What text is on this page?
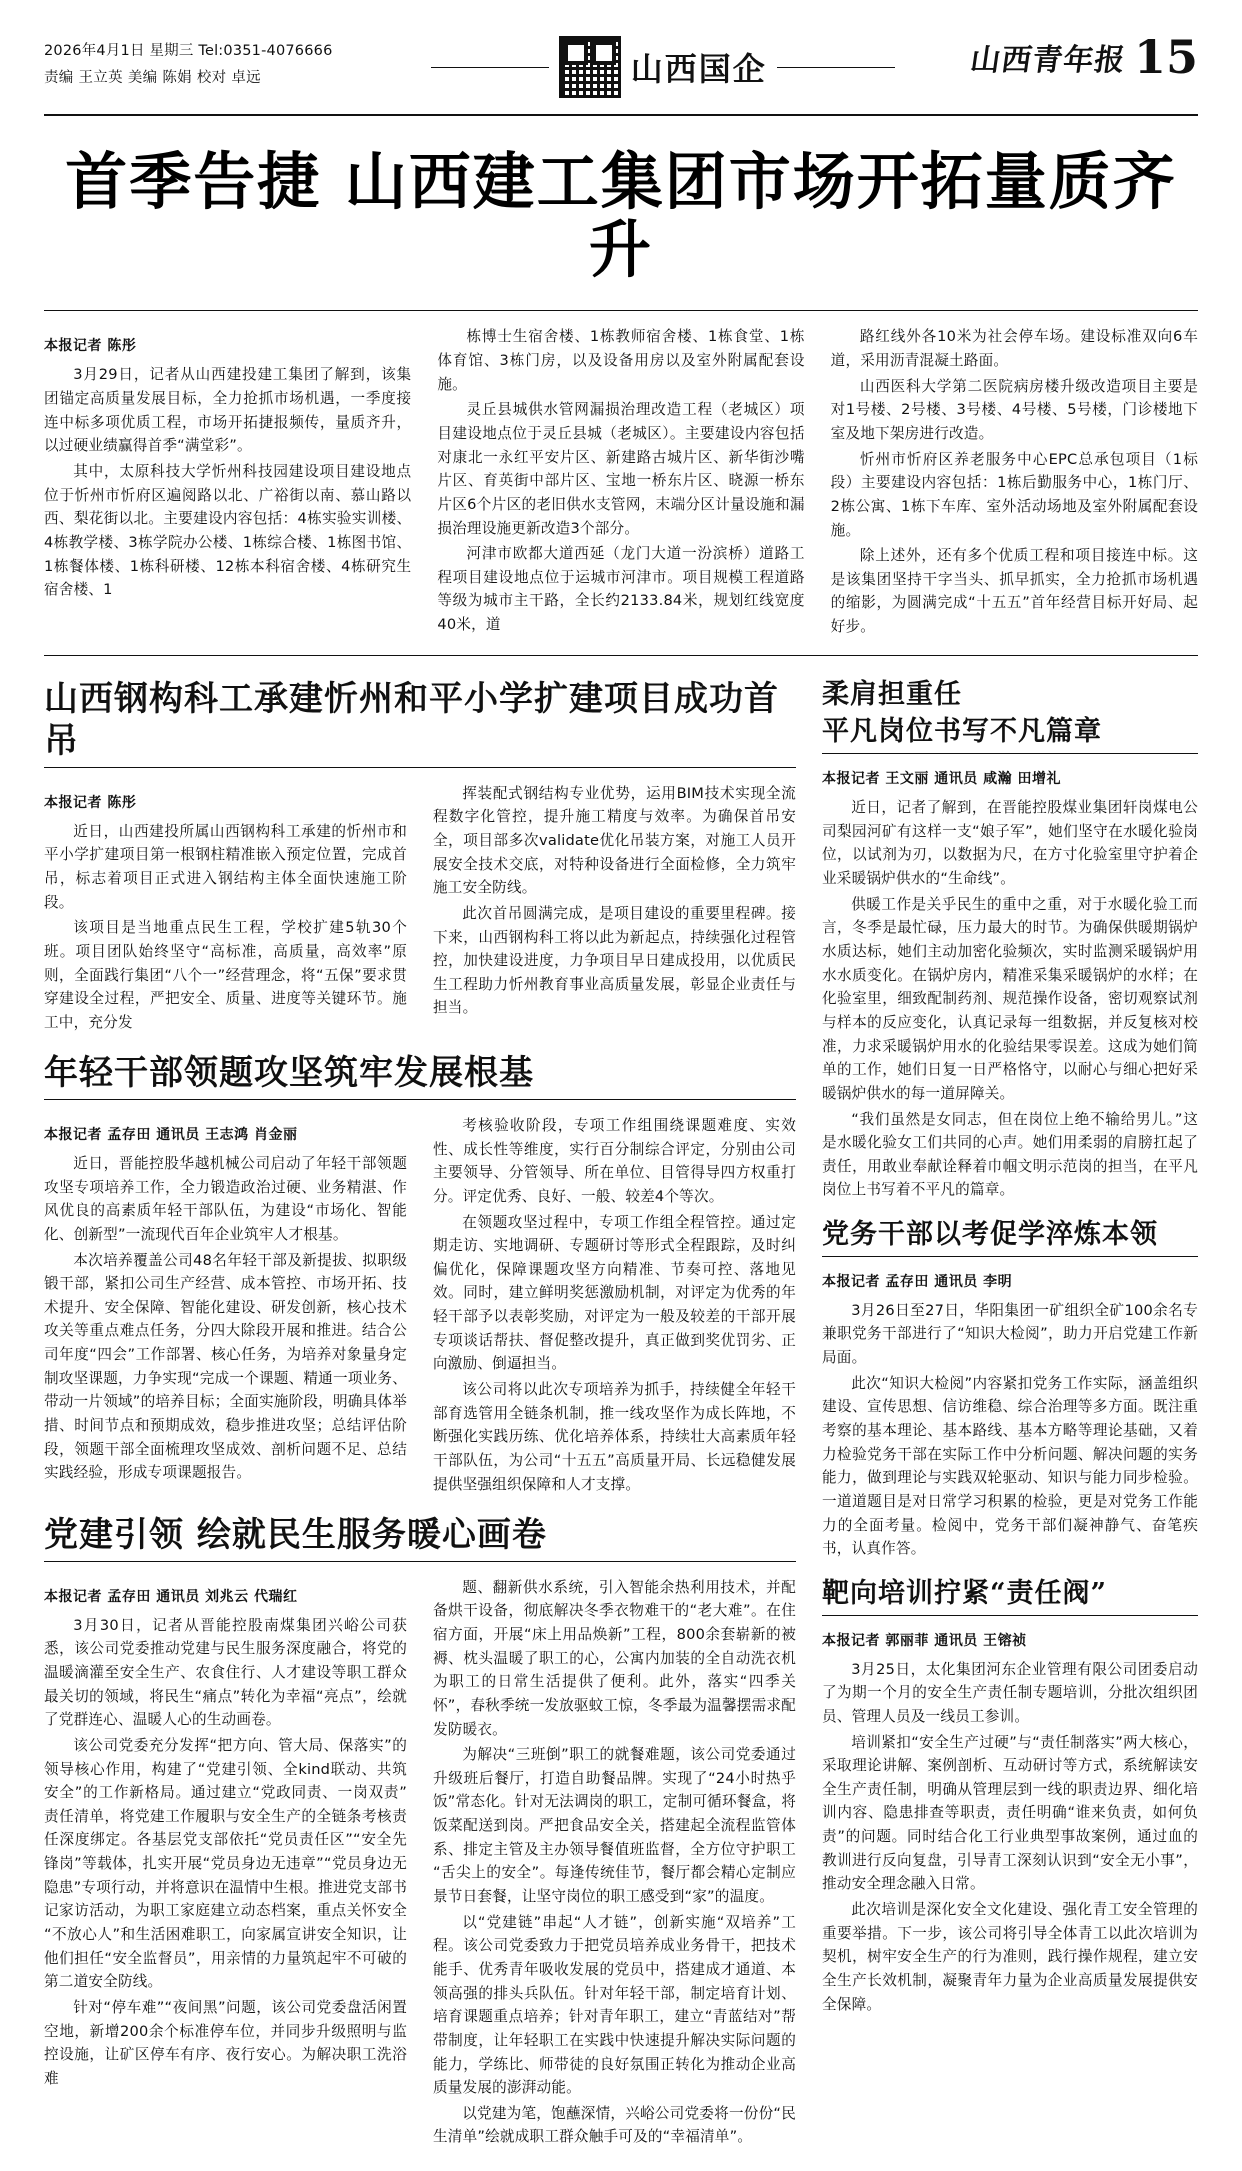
2026年4月1日 星期三 Tel:0351-4076666
责编 王立英 美编 陈娟 校对 卓远	山西国企	山西青年报 15
首季告捷 山西建工集团市场开拓量质齐升
本报记者 陈彤

3月29日，记者从山西建投建工集团了解到，该集团锚定高质量发展目标，全力抢抓市场机遇，一季度接连中标多项优质工程，市场开拓捷报频传，量质齐升，以过硬业绩赢得首季“满堂彩”。

其中，太原科技大学忻州科技园建设项目建设地点位于忻州市忻府区遍阅路以北、广裕街以南、慕山路以西、梨花街以北。主要建设内容包括：4栋实验实训楼、4栋教学楼、3栋学院办公楼、1栋综合楼、1栋图书馆、1栋餐体楼、1栋科研楼、12栋本科宿舍楼、4栋研究生宿舍楼、1

栋博士生宿舍楼、1栋教师宿舍楼、1栋食堂、1栋体育馆、3栋门房，以及设备用房以及室外附属配套设施。

灵丘县城供水管网漏损治理改造工程（老城区）项目建设地点位于灵丘县城（老城区）。主要建设内容包括对康北一永红平安片区、新建路古城片区、新华街沙嘴片区、育英街中部片区、宝地一桥东片区、晓源一桥东片区6个片区的老旧供水支管网，末端分区计量设施和漏损治理设施更新改造3个部分。

河津市欧都大道西延（龙门大道一汾滨桥）道路工程项目建设地点位于运城市河津市。项目规模工程道路等级为城市主干路，全长约2133.84米，规划红线宽度40米，道

路红线外各10米为社会停车场。建设标准双向6车道，采用沥青混凝土路面。

山西医科大学第二医院病房楼升级改造项目主要是对1号楼、2号楼、3号楼、4号楼、5号楼，门诊楼地下室及地下架房进行改造。

忻州市忻府区养老服务中心EPC总承包项目（1标段）主要建设内容包括：1栋后勤服务中心，1栋门厅、2栋公寓、1栋下车库、室外活动场地及室外附属配套设施。

除上述外，还有多个优质工程和项目接连中标。这是该集团坚持干字当头、抓早抓实，全力抢抓市场机遇的缩影，为圆满完成“十五五”首年经营目标开好局、起好步。

山西钢构科工承建忻州和平小学扩建项目成功首吊
本报记者 陈彤

近日，山西建投所属山西钢构科工承建的忻州市和平小学扩建项目第一根钢柱精准嵌入预定位置，完成首吊，标志着项目正式进入钢结构主体全面快速施工阶段。

该项目是当地重点民生工程，学校扩建5轨30个班。项目团队始终坚守“高标准，高质量，高效率”原则，全面践行集团“八个一”经营理念，将“五保”要求贯穿建设全过程，严把安全、质量、进度等关键环节。施工中，充分发

挥装配式钢结构专业优势，运用BIM技术实现全流程数字化管控，提升施工精度与效率。为确保首吊安全，项目部多次validate优化吊装方案，对施工人员开展安全技术交底，对特种设备进行全面检修，全力筑牢施工安全防线。

此次首吊圆满完成，是项目建设的重要里程碑。接下来，山西钢构科工将以此为新起点，持续强化过程管控，加快建设进度，力争项目早日建成投用，以优质民生工程助力忻州教育事业高质量发展，彰显企业责任与担当。

年轻干部领题攻坚筑牢发展根基
本报记者 孟存田 通讯员 王志鸿 肖金丽

近日，晋能控股华越机械公司启动了年轻干部领题攻坚专项培养工作，全力锻造政治过硬、业务精湛、作风优良的高素质年轻干部队伍，为建设“市场化、智能化、创新型”一流现代百年企业筑牢人才根基。

本次培养覆盖公司48名年轻干部及新提拔、拟职级锻干部，紧扣公司生产经营、成本管控、市场开拓、技术提升、安全保障、智能化建设、研发创新，核心技术攻关等重点难点任务，分四大除段开展和推进。结合公司年度“四会”工作部署、核心任务，为培养对象量身定制攻坚课题，力争实现“完成一个课题、精通一项业务、带动一片领域”的培养目标；全面实施阶段，明确具体举措、时间节点和预期成效，稳步推进攻坚；总结评估阶段，领题干部全面梳理攻坚成效、剖析问题不足、总结实践经验，形成专项课题报告。

考核验收阶段，专项工作组围绕课题难度、实效性、成长性等维度，实行百分制综合评定，分别由公司主要领导、分管领导、所在单位、目管得导四方权重打分。评定优秀、良好、一般、较差4个等次。

在领题攻坚过程中，专项工作组全程管控。通过定期走访、实地调研、专题研讨等形式全程跟踪，及时纠偏优化，保障课题攻坚方向精准、节奏可控、落地见效。同时，建立鲜明奖惩激励机制，对评定为优秀的年轻干部予以表彰奖励，对评定为一般及较差的干部开展专项谈话帮扶、督促整改提升，真正做到奖优罚劣、正向激励、倒逼担当。

该公司将以此次专项培养为抓手，持续健全年轻干部育选管用全链条机制，推一线攻坚作为成长阵地，不断强化实践历练、优化培养体系，持续壮大高素质年轻干部队伍，为公司“十五五”高质量开局、长远稳健发展提供坚强组织保障和人才支撑。

党建引领 绘就民生服务暖心画卷
本报记者 孟存田 通讯员 刘兆云 代瑞红

3月30日，记者从晋能控股南煤集团兴峪公司获悉，该公司党委推动党建与民生服务深度融合，将党的温暖滴灌至安全生产、农食住行、人才建设等职工群众最关切的领域，将民生“痛点”转化为幸福“亮点”，绘就了党群连心、温暖人心的生动画卷。

该公司党委充分发挥“把方向、管大局、保落实”的领导核心作用，构建了“党建引领、全kind联动、共筑安全”的工作新格局。通过建立“党政同责、一岗双责”责任清单，将党建工作履职与安全生产的全链条考核责任深度绑定。各基层党支部依托“党员责任区”“安全先锋岗”等载体，扎实开展“党员身边无违章”“党员身边无隐患”专项行动，并将意识在温情中生根。推进党支部书记家访活动，为职工家庭建立动态档案，重点关怀安全“不放心人”和生活困难职工，向家属宣讲安全知识，让他们担任“安全监督员”，用亲情的力量筑起牢不可破的第二道安全防线。

针对“停车难”“夜间黑”问题，该公司党委盘活闲置空地，新增200余个标准停车位，并同步升级照明与监控设施，让矿区停车有序、夜行安心。为解决职工洗浴难

题、翻新供水系统，引入智能余热利用技术，并配备烘干设备，彻底解决冬季衣物难干的“老大难”。在住宿方面，开展“床上用品焕新”工程，800余套崭新的被褥、枕头温暖了职工的心，公寓内加装的全自动洗衣机为职工的日常生活提供了便利。此外，落实“四季关怀”，春秋季统一发放驱蚊工惊，冬季最为温馨摆需求配发防暖衣。

为解决“三班倒”职工的就餐难题，该公司党委通过升级班后餐厅，打造自助餐品牌。实现了“24小时热乎饭”常态化。针对无法调岗的职工，定制可循环餐盒，将饭菜配送到岗。严把食品安全关，搭建起全流程监管体系、排定主管及主办领导餐值班监督，全方位守护职工“舌尖上的安全”。每逢传统佳节，餐厅都会精心定制应景节日套餐，让坚守岗位的职工感受到“家”的温度。

以“党建链”串起“人才链”，创新实施“双培养”工程。该公司党委致力于把党员培养成业务骨干，把技术能手、优秀青年吸收发展的党员中，搭建成才通道、本领高强的排头兵队伍。针对年轻干部，制定培育计划、培育课题重点培养；针对青年职工，建立“青蓝结对”帮带制度，让年轻职工在实践中快速提升解决实际问题的能力，学练比、师带徒的良好氛围正转化为推动企业高质量发展的澎湃动能。

以党建为笔，饱蘸深情，兴峪公司党委将一份份“民生清单”绘就成职工群众触手可及的“幸福清单”。

柔肩担重任
平凡岗位书写不凡篇章
本报记者 王文丽 通讯员 咸瀚 田增礼

近日，记者了解到，在晋能控股煤业集团轩岗煤电公司梨园河矿有这样一支“娘子军”，她们坚守在水暖化验岗位，以试剂为刃，以数据为尺，在方寸化验室里守护着企业采暖锅炉供水的“生命线”。

供暖工作是关乎民生的重中之重，对于水暖化验工而言，冬季是最忙碌，压力最大的时节。为确保供暖期锅炉水质达标，她们主动加密化验频次，实时监测采暖锅炉用水水质变化。在锅炉房内，精准采集采暖锅炉的水样；在化验室里，细致配制药剂、规范操作设备，密切观察试剂与样本的反应变化，认真记录每一组数据，并反复核对校准，力求采暖锅炉用水的化验结果零误差。这成为她们简单的工作，她们日复一日严格恪守，以耐心与细心把好采暖锅炉供水的每一道屏障关。

“我们虽然是女同志，但在岗位上绝不输给男儿。”这是水暖化验女工们共同的心声。她们用柔弱的肩膀扛起了责任，用敢业奉献诠释着巾帼文明示范岗的担当，在平凡岗位上书写着不平凡的篇章。

党务干部以考促学淬炼本领
本报记者 孟存田 通讯员 李明

3月26日至27日，华阳集团一矿组织全矿100余名专兼职党务干部进行了“知识大检阅”，助力开启党建工作新局面。

此次“知识大检阅”内容紧扣党务工作实际，涵盖组织建设、宣传思想、信访维稳、综合治理等多方面。既注重考察的基本理论、基本路线、基本方略等理论基础，又着力检验党务干部在实际工作中分析问题、解决问题的实务能力，做到理论与实践双轮驱动、知识与能力同步检验。一道道题目是对日常学习积累的检验，更是对党务工作能力的全面考量。检阅中，党务干部们凝神静气、奋笔疾书，认真作答。

靶向培训拧紧“责任阀”
本报记者 郭丽菲 通讯员 王镕祯

3月25日，太化集团河东企业管理有限公司团委启动了为期一个月的安全生产责任制专题培训，分批次组织团员、管理人员及一线员工参训。

培训紧扣“安全生产过硬”与“责任制落实”两大核心，采取理论讲解、案例剖析、互动研讨等方式，系统解读安全生产责任制，明确从管理层到一线的职责边界、细化培训内容、隐患排查等职责，责任明确“谁来负责，如何负责”的问题。同时结合化工行业典型事故案例，通过血的教训进行反向复盘，引导青工深刻认识到“安全无小事”，推动安全理念融入日常。

此次培训是深化安全文化建设、强化青工安全管理的重要举措。下一步，该公司将引导全体青工以此次培训为契机，树牢安全生产的行为准则，践行操作规程，建立安全生产长效机制，凝聚青年力量为企业高质量发展提供安全保障。
